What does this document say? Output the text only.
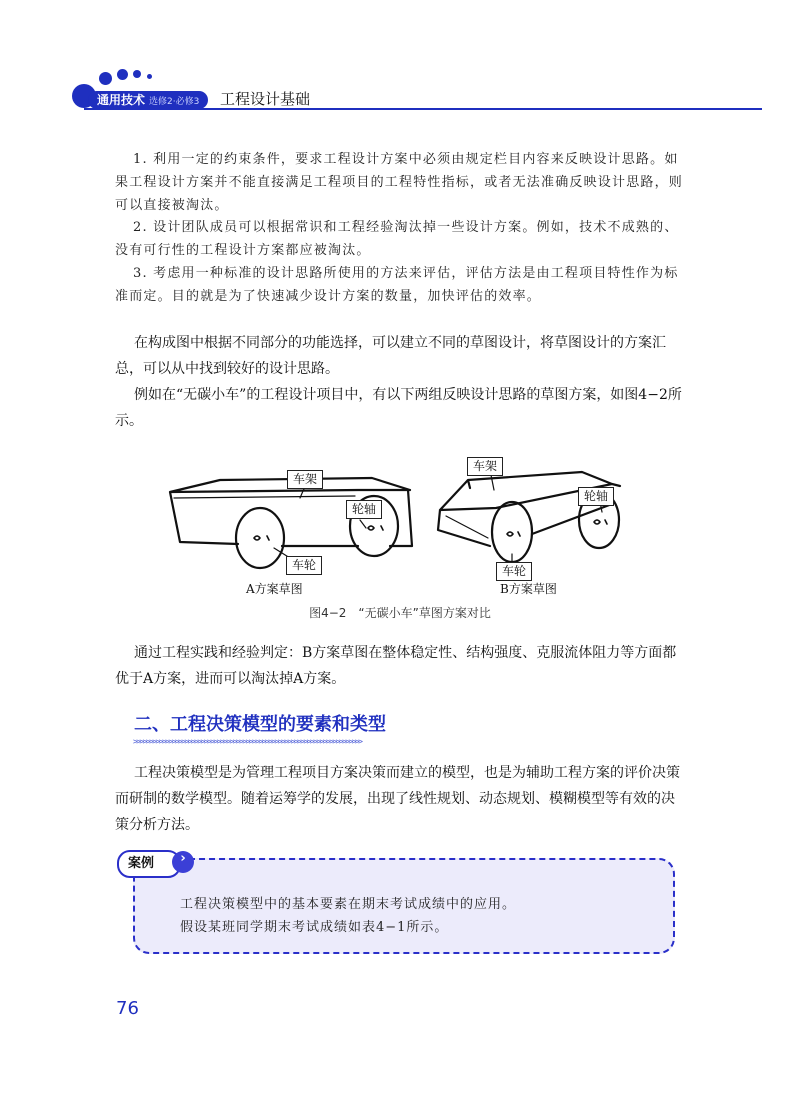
通用技术 选修2·必修3	工程设计基础
1. 利用一定的约束条件，要求工程设计方案中必须由规定栏目内容来反映设计思路。如果工程设计方案并不能直接满足工程项目的工程特性指标，或者无法准确反映设计思路，则可以直接被淘汰。
2. 设计团队成员可以根据常识和工程经验淘汰掉一些设计方案。例如，技术不成熟的、没有可行性的工程设计方案都应被淘汰。
3. 考虑用一种标准的设计思路所使用的方法来评估，评估方法是由工程项目特性作为标准而定。目的就是为了快速减少设计方案的数量，加快评估的效率。
在构成图中根据不同部分的功能选择，可以建立不同的草图设计，将草图设计的方案汇总，可以从中找到较好的设计思路。
例如在“无碳小车”的工程设计项目中，有以下两组反映设计思路的草图方案，如图4−2所示。
车架
轮轴
车轮
车架
轮轴
车轮
A方案草图	B方案草图
图4−2　“无碳小车”草图方案对比
通过工程实践和经验判定：B方案草图在整体稳定性、结构强度、克服流体阻力等方面都优于A方案，进而可以淘汰掉A方案。
二、工程决策模型的要素和类型
>>>>>>>>>>>>>>>>>>>>>>>>>>>>>>>>>>>>>>>>>>>>>>>>>>>>>>>>>>>>>>>>>>>>>>>
工程决策模型是为管理工程项目方案决策而建立的模型，也是为辅助工程方案的评价决策而研制的数学模型。随着运筹学的发展，出现了线性规划、动态规划、模糊模型等有效的决策分析方法。
案例	›
工程决策模型中的基本要素在期末考试成绩中的应用。
假设某班同学期末考试成绩如表4−1所示。
76
